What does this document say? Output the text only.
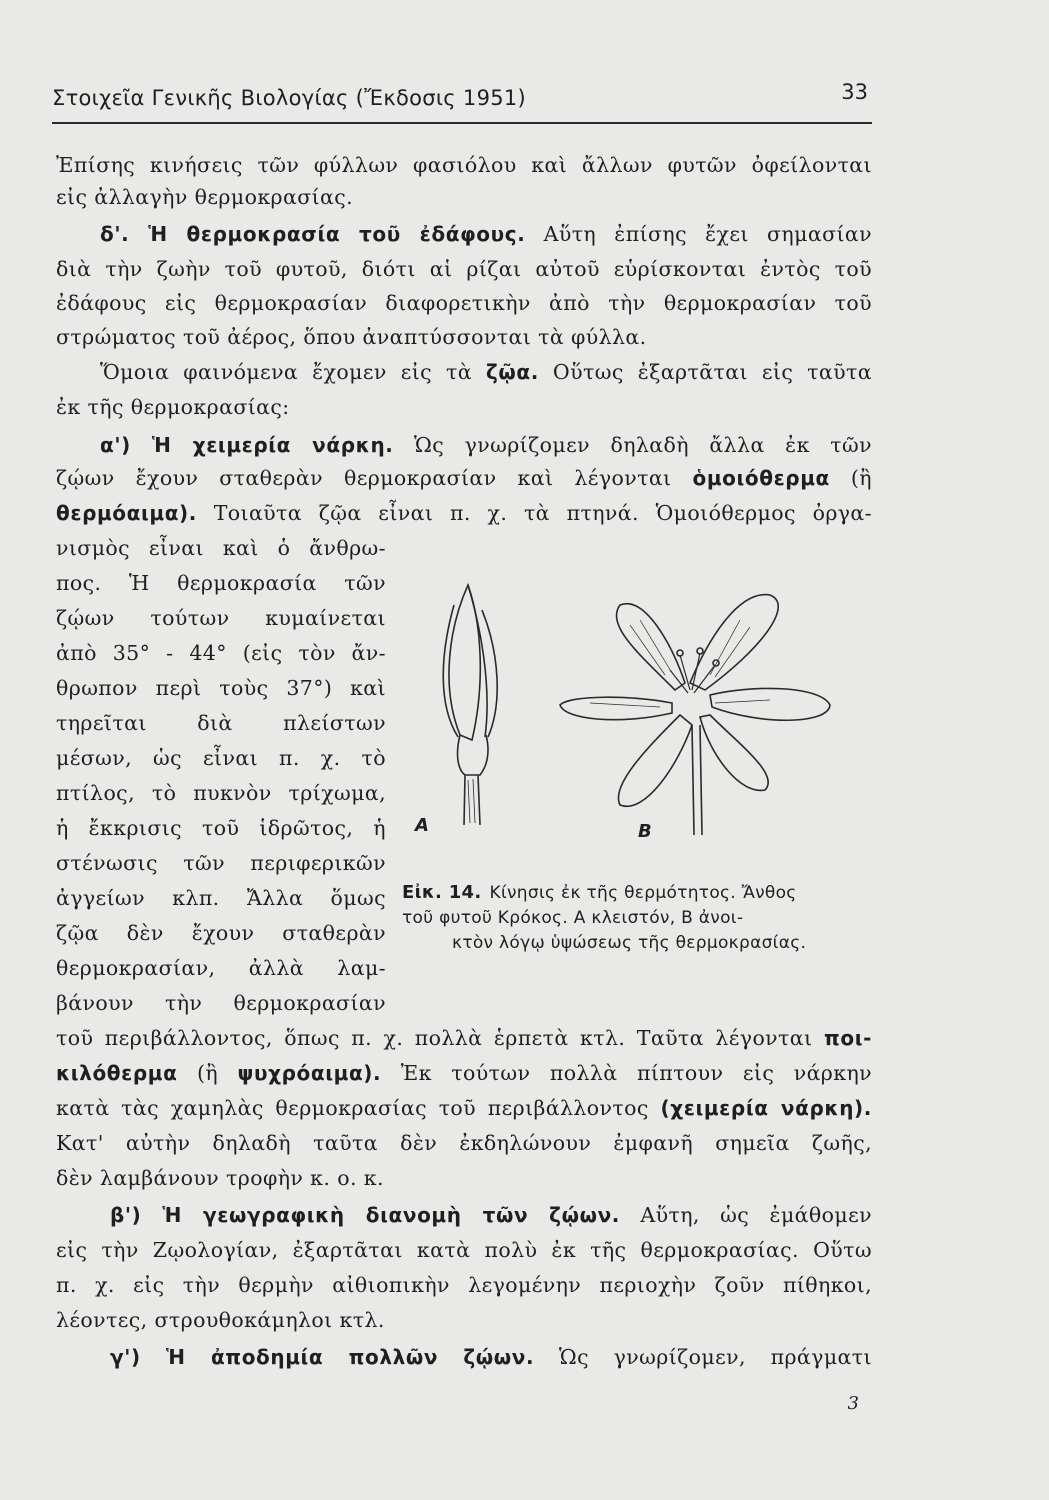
Στοιχεῖα Γενικῆς Βιολογίας (Ἔκδοσις 1951)	33
Ἐπίσης κινήσεις τῶν φύλλων φασιόλου καὶ ἄλλων φυτῶν ὀφείλονται
εἰς ἀλλαγὴν θερμοκρασίας.
δ'. Ἡ θερμοκρασία τοῦ ἐδάφους. Αὕτη ἐπίσης ἔχει σημασίαν
διὰ τὴν ζωὴν τοῦ φυτοῦ, διότι αἱ ρίζαι αὐτοῦ εὑρίσκονται ἐντὸς τοῦ
ἐδάφους εἰς θερμοκρασίαν διαφορετικὴν ἀπὸ τὴν θερμοκρασίαν τοῦ
στρώματος τοῦ ἀέρος, ὅπου ἀναπτύσσονται τὰ φύλλα.
Ὅμοια φαινόμενα ἔχομεν εἰς τὰ ζῷα. Οὕτως ἐξαρτᾶται εἰς ταῦτα
ἐκ τῆς θερμοκρασίας:
α') Ἡ χειμερία νάρκη. Ὡς γνωρίζομεν δηλαδὴ ἄλλα ἐκ τῶν
ζῴων ἔχουν σταθερὰν θερμοκρασίαν καὶ λέγονται ὁμοιόθερμα (ἢ
θερμόαιμα). Τοιαῦτα ζῷα εἶναι π. χ. τὰ πτηνά. Ὁμοιόθερμος ὀργα-
νισμὸς εἶναι καὶ ὁ ἄνθρω-
πος. Ἡ θερμοκρασία τῶν
ζῴων τούτων κυμαίνεται
ἀπὸ 35° - 44° (εἰς τὸν ἄν-
θρωπον περὶ τοὺς 37°) καὶ
τηρεῖται διὰ πλείστων
μέσων, ὡς εἶναι π. χ. τὸ
πτίλος, τὸ πυκνὸν τρίχωμα,
ἡ ἔκκρισις τοῦ ἱδρῶτος, ἡ
στένωσις τῶν περιφερικῶν
ἀγγείων κλπ. Ἄλλα ὅμως
ζῷα δὲν ἔχουν σταθερὰν
θερμοκρασίαν, ἀλλὰ λαμ-
βάνουν τὴν θερμοκρασίαν
A	B
Εἰκ. 14. Κίνησις ἐκ τῆς θερμότητος. Ἄνθος
τοῦ φυτοῦ Κρόκος. Α κλειστόν, Β ἀνοι-
κτὸν λόγῳ ὑψώσεως τῆς θερμοκρασίας.
τοῦ περιβάλλοντος, ὅπως π. χ. πολλὰ ἑρπετὰ κτλ. Ταῦτα λέγονται ποι-
κιλόθερμα (ἢ ψυχρόαιμα). Ἐκ τούτων πολλὰ πίπτουν εἰς νάρκην
κατὰ τὰς χαμηλὰς θερμοκρασίας τοῦ περιβάλλοντος (χειμερία νάρκη).
Κατ' αὐτὴν δηλαδὴ ταῦτα δὲν ἐκδηλώνουν ἐμφανῆ σημεῖα ζωῆς,
δὲν λαμβάνουν τροφὴν κ. ο. κ.
β') Ἡ γεωγραφικὴ διανομὴ τῶν ζῴων. Αὕτη, ὡς ἐμάθομεν
εἰς τὴν Ζῳολογίαν, ἐξαρτᾶται κατὰ πολὺ ἐκ τῆς θερμοκρασίας. Οὕτω
π. χ. εἰς τὴν θερμὴν αἰθιοπικὴν λεγομένην περιοχὴν ζοῦν πίθηκοι,
λέοντες, στρουθοκάμηλοι κτλ.
γ') Ἡ ἀποδημία πολλῶν ζῴων. Ὡς γνωρίζομεν, πράγματι
3
